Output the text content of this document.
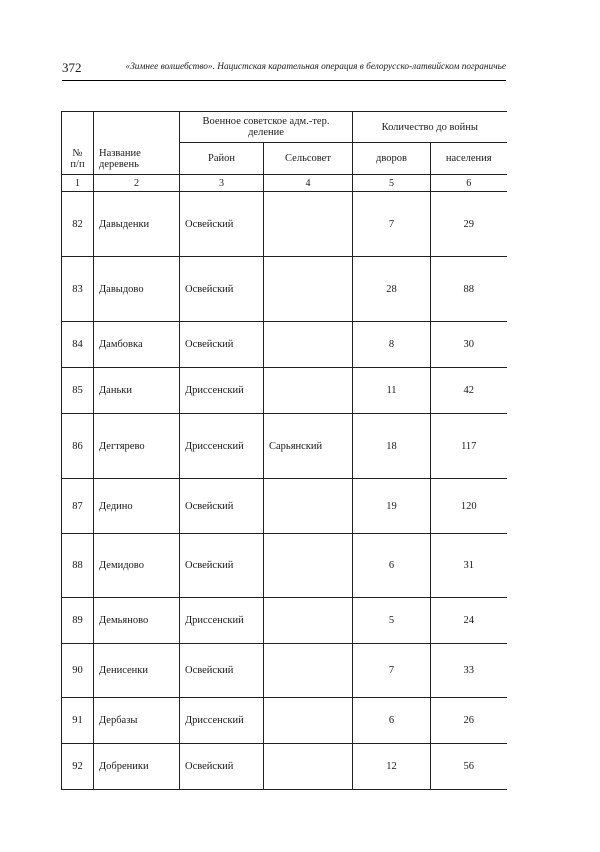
372	«Зимнее волшебство». Нацистская карательная операция в белорусско-латвийском пограничье
№ п/п	Название деревень	Военное советское адм.-тер. деление		Количество до войны	
		Район	Сельсовет	дворов	населения
1	2	3	4	5	6
82	Давыденки	Освейский		7	29
83	Давыдово	Освейский		28	88
84	Дамбовка	Освейский		8	30
85	Даньки	Дриссенский		11	42
86	Дегтярево	Дриссенский	Сарьянский	18	117
87	Дедино	Освейский		19	120
88	Демидово	Освейский		6	31
89	Демьяново	Дриссенский		5	24
90	Денисенки	Освейский		7	33
91	Дербазы	Дриссенский		6	26
92	Добреники	Освейский		12	56
